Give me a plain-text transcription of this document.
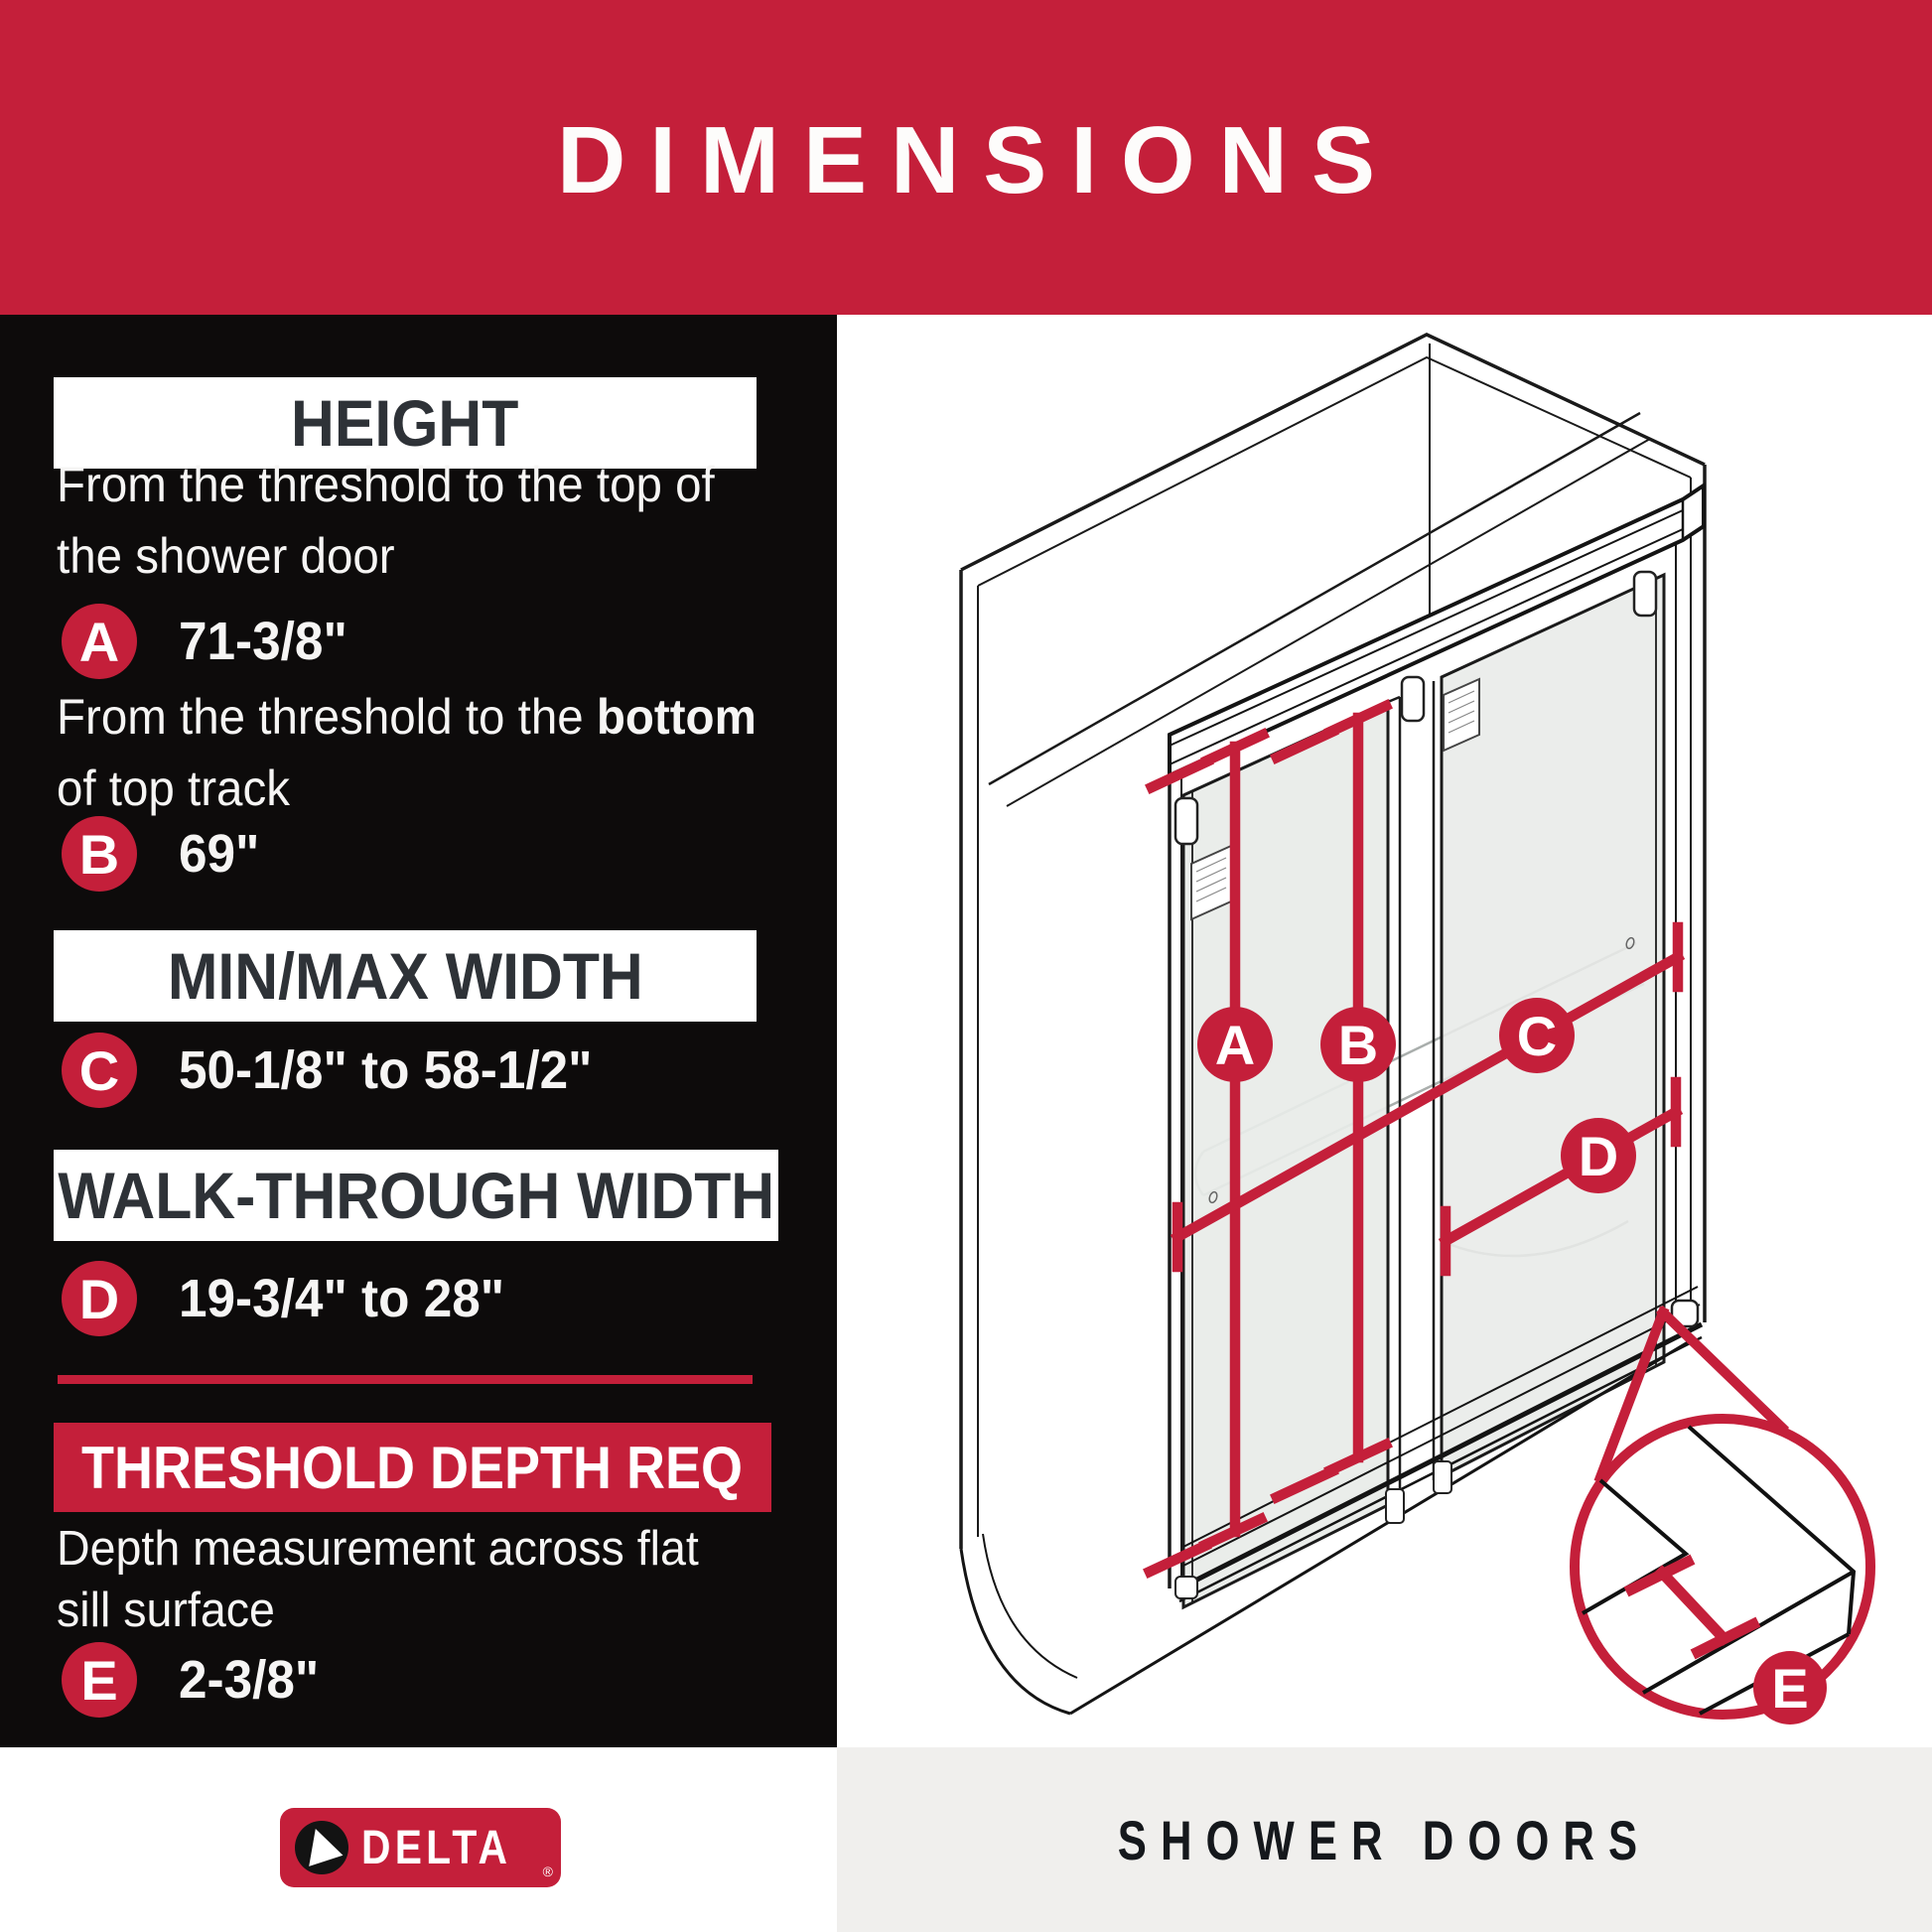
DIMENSIONS
HEIGHT
From the threshold to the top of
the shower door
A	71-3/8"
From the threshold to the bottom
of top track
B	69"
MIN/MAX WIDTH
C	50-1/8" to 58-1/2"
WALK-THROUGH WIDTH
D	19-3/4" to 28"
THRESHOLD DEPTH REQ
Depth measurement across flat
sill surface
E	2-3/8"
A B C
D
E
DELTA ®
SHOWER DOORS
